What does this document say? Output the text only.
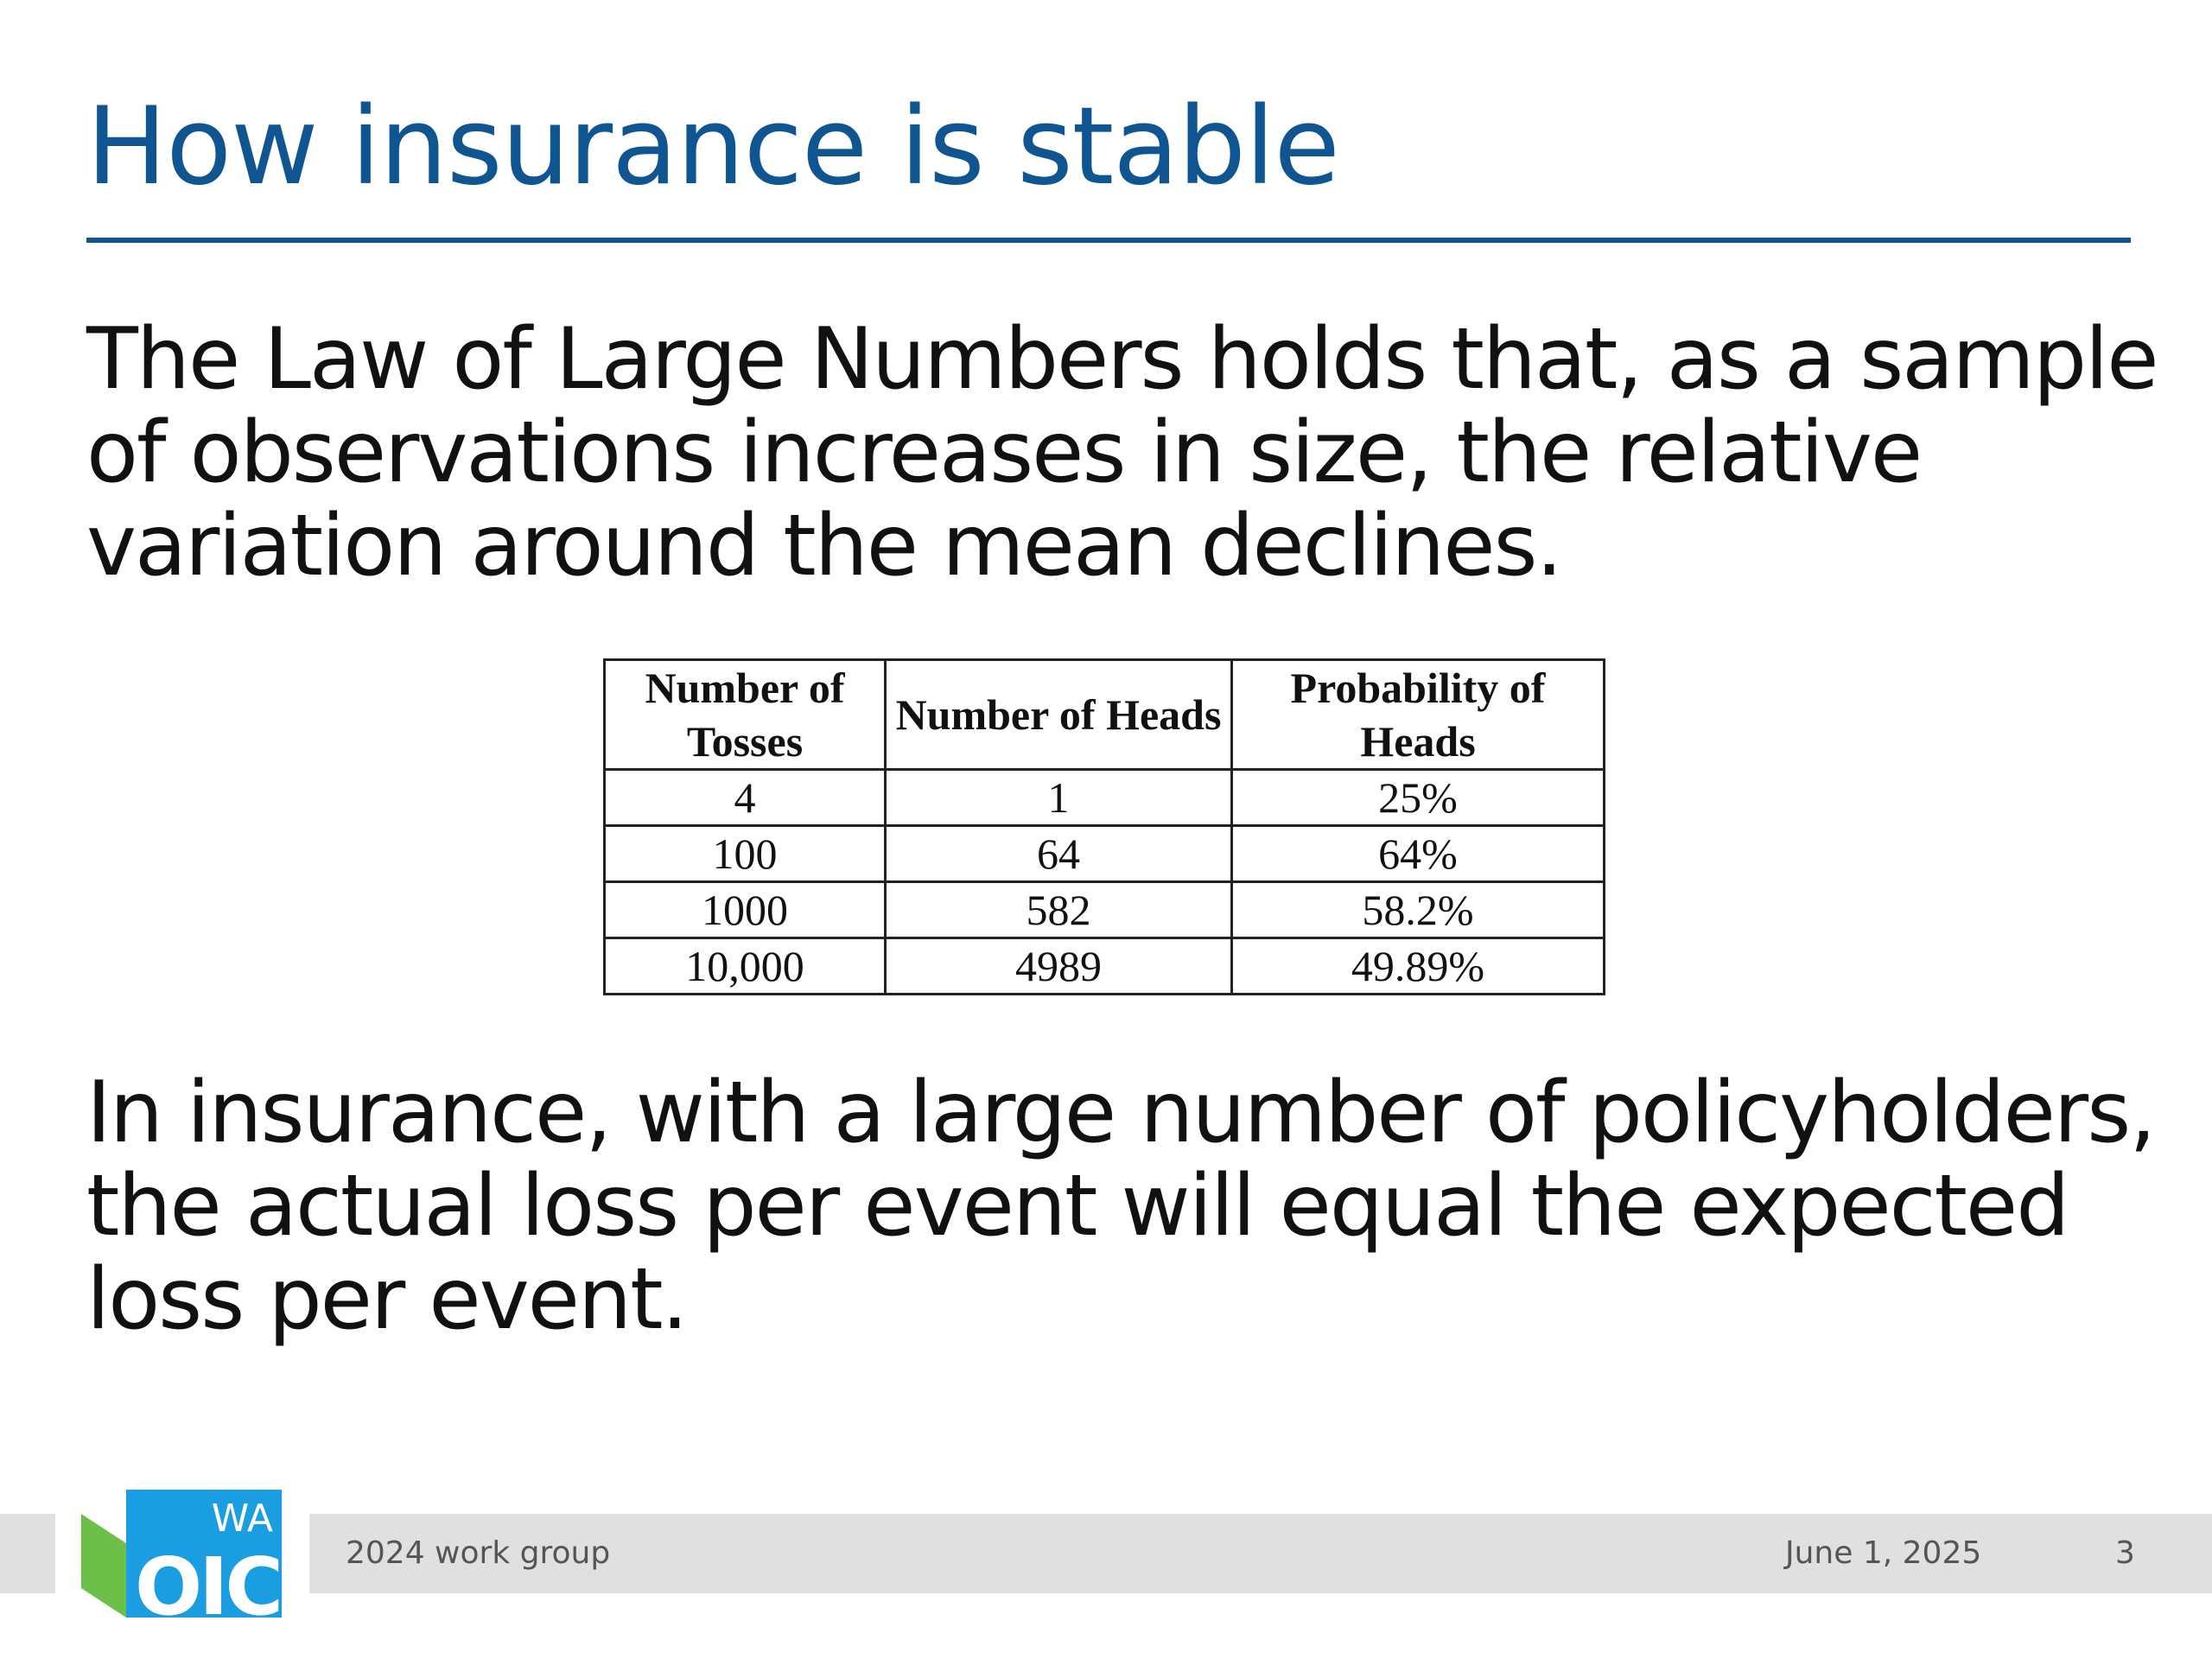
How insurance is stable

The Law of Large Numbers holds that, as a sample of observations increases in size, the relative variation around the mean declines.

Number of Tosses	Number of Heads	Probability of Heads
4	1	25%
100	64	64%
1000	582	58.2%
10,000	4989	49.89%

In insurance, with a large number of policyholders, the actual loss per event will equal the expected loss per event.

WA
OIC 2024 work group	June 1, 2025	3
